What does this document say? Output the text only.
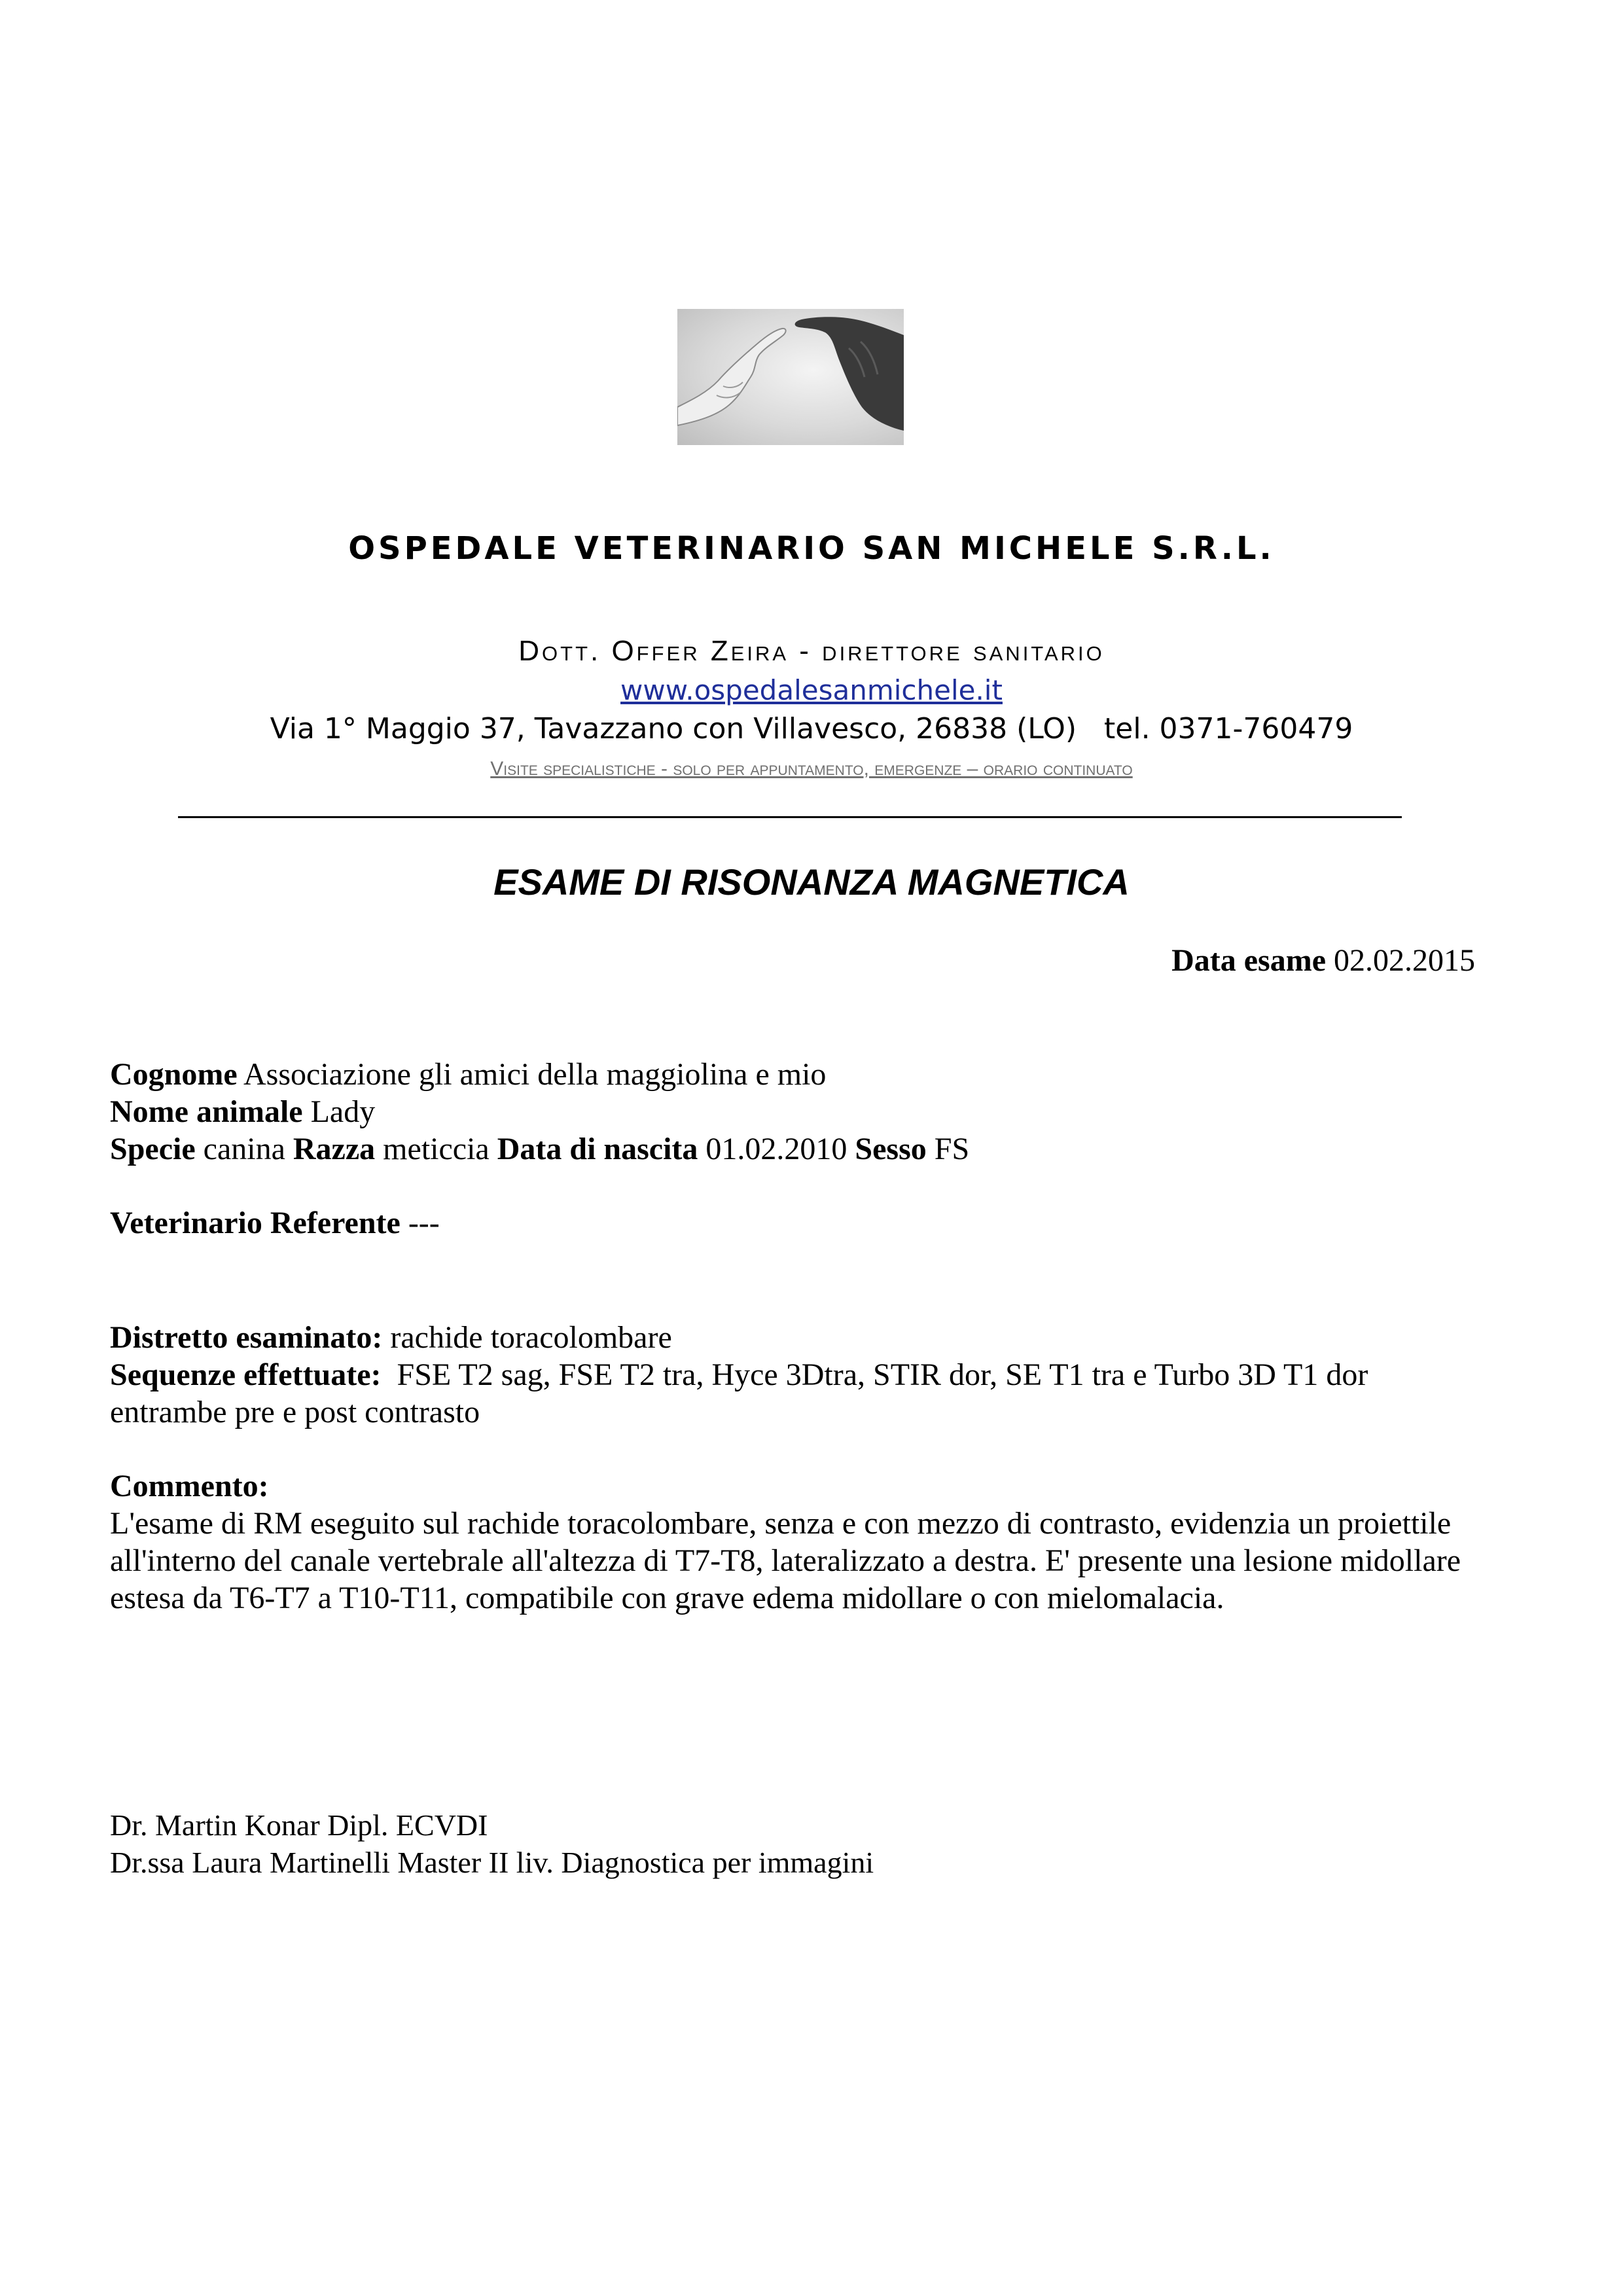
OSPEDALE VETERINARIO SAN MICHELE S.R.L.
Dott. Offer Zeira - direttore sanitario
www.ospedalesanmichele.it
Via 1° Maggio 37, Tavazzano con Villavesco, 26838 (LO) tel. 0371-760479
Visite specialistiche - solo per appuntamento, emergenze – orario continuato
ESAME DI RISONANZA MAGNETICA
Data esame 02.02.2015
Cognome Associazione gli amici della maggiolina e mio
Nome animale Lady
Specie canina Razza meticcia Data di nascita 01.02.2010 Sesso FS
Veterinario Referente ---
Distretto esaminato: rachide toracolombare
Sequenze effettuate: FSE T2 sag, FSE T2 tra, Hyce 3Dtra, STIR dor, SE T1 tra e Turbo 3D T1 dor entrambe pre e post contrasto
Commento:
L'esame di RM eseguito sul rachide toracolombare, senza e con mezzo di contrasto, evidenzia un proiettile all'interno del canale vertebrale all'altezza di T7-T8, lateralizzato a destra. E' presente una lesione midollare estesa da T6-T7 a T10-T11, compatibile con grave edema midollare o con mielomalacia.
Dr. Martin Konar Dipl. ECVDI
Dr.ssa Laura Martinelli Master II liv. Diagnostica per immagini
